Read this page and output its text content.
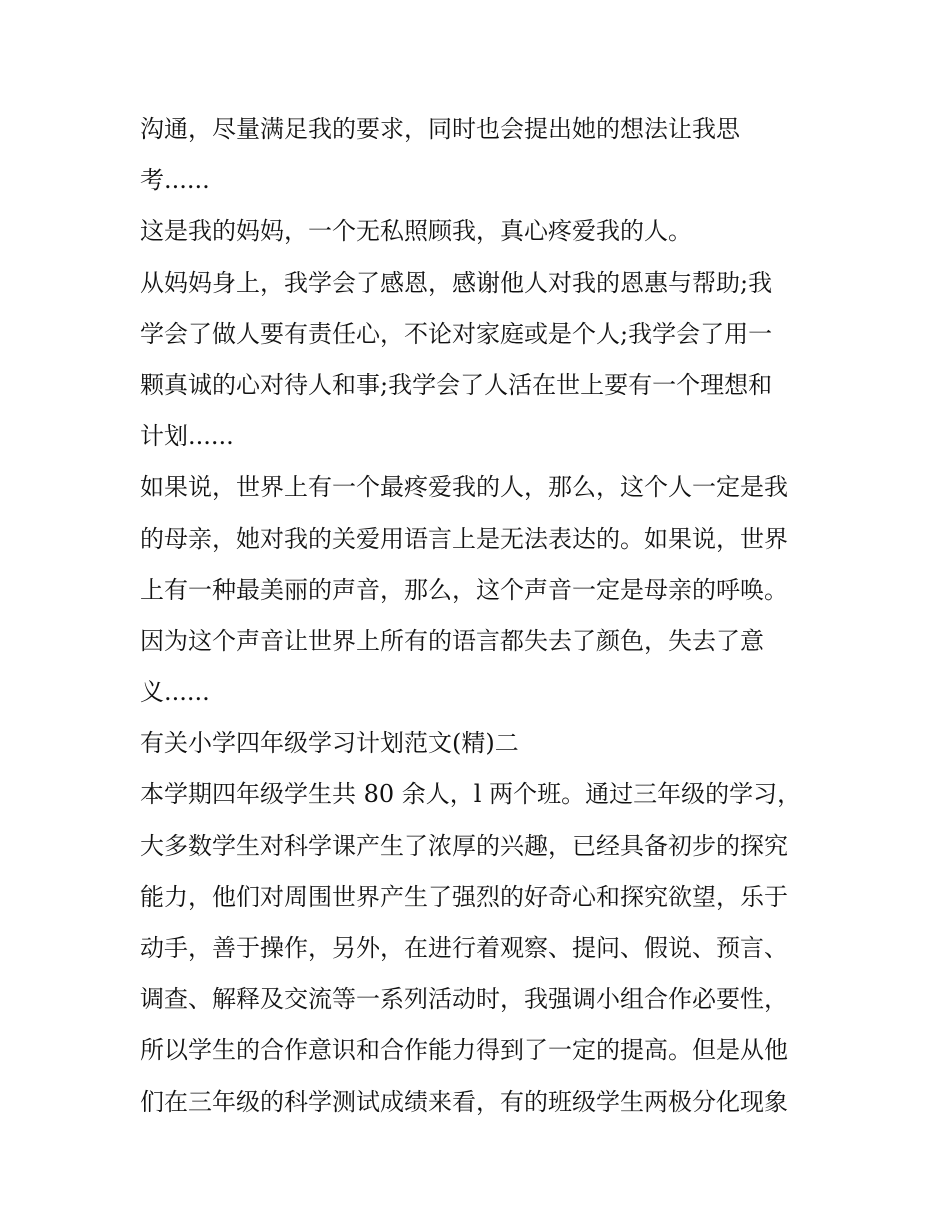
沟通，尽量满足我的要求，同时也会提出她的想法让我思
考......
这是我的妈妈，一个无私照顾我，真心疼爱我的人。
从妈妈身上，我学会了感恩，感谢他人对我的恩惠与帮助;我
学会了做人要有责任心，不论对家庭或是个人;我学会了用一
颗真诚的心对待人和事;我学会了人活在世上要有一个理想和
计划......
如果说，世界上有一个最疼爱我的人，那么，这个人一定是我
的母亲，她对我的关爱用语言上是无法表达的。如果说，世界
上有一种最美丽的声音，那么，这个声音一定是母亲的呼唤。
因为这个声音让世界上所有的语言都失去了颜色，失去了意
义......
有关小学四年级学习计划范文(精)二
本学期四年级学生共 80 余人，l 两个班。通过三年级的学习，
大多数学生对科学课产生了浓厚的兴趣，已经具备初步的探究
能力，他们对周围世界产生了强烈的好奇心和探究欲望，乐于
动手，善于操作，另外，在进行着观察、提问、假说、预言、
调查、解释及交流等一系列活动时，我强调小组合作必要性，
所以学生的合作意识和合作能力得到了一定的提高。但是从他
们在三年级的科学测试成绩来看，有的班级学生两极分化现象
